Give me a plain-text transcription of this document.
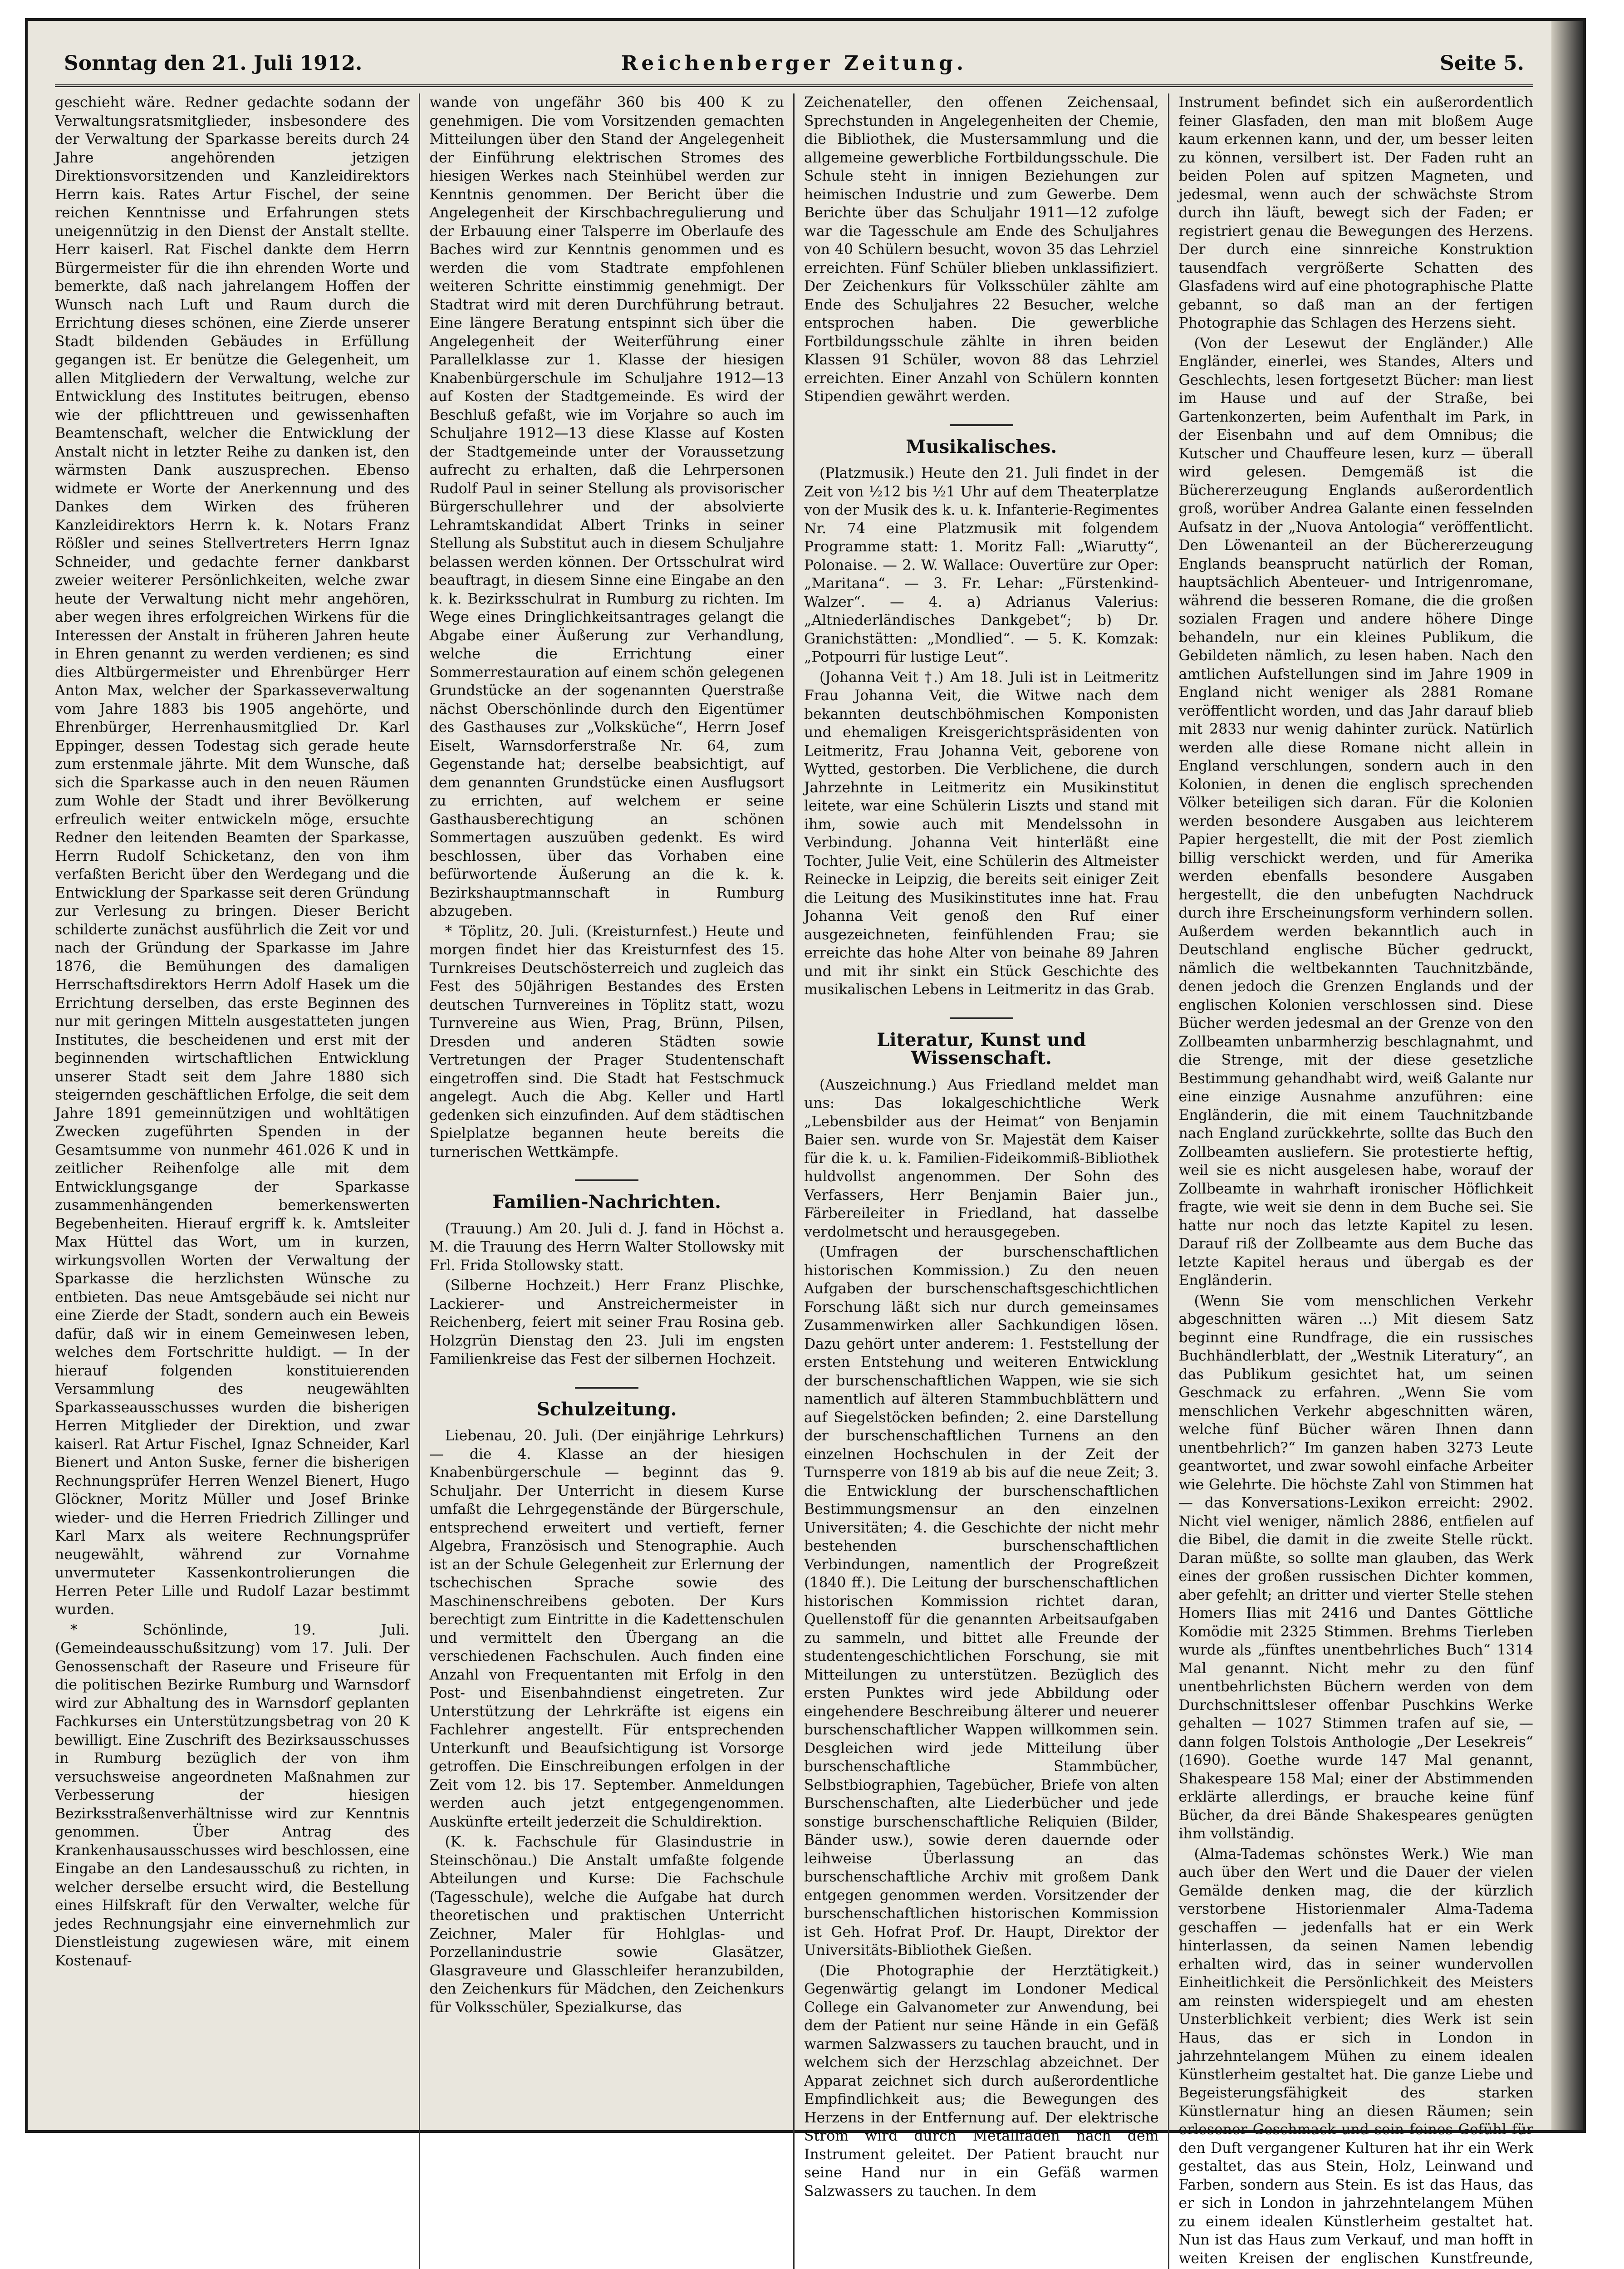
Sonntag den 21. Juli 1912.	Reichenberger Zeitung.	Seite 5.

geschieht wäre. Redner gedachte sodann der Verwaltungsratsmitglieder, insbesondere des der Verwaltung der Sparkasse bereits durch 24 Jahre angehörenden jetzigen Direktionsvorsitzenden und Kanzleidirektors Herrn kais. Rates Artur Fischel, der seine reichen Kenntnisse und Erfahrungen stets uneigennützig in den Dienst der Anstalt stellte. Herr kaiserl. Rat Fischel dankte dem Herrn Bürgermeister für die ihn ehrenden Worte und bemerkte, daß nach jahrelangem Hoffen der Wunsch nach Luft und Raum durch die Errichtung dieses schönen, eine Zierde unserer Stadt bildenden Gebäudes in Erfüllung gegangen ist. Er benütze die Gelegenheit, um allen Mitgliedern der Verwaltung, welche zur Entwicklung des Institutes beitrugen, ebenso wie der pflichttreuen und gewissenhaften Beamtenschaft, welcher die Entwicklung der Anstalt nicht in letzter Reihe zu danken ist, den wärmsten Dank auszusprechen. Ebenso widmete er Worte der Anerkennung und des Dankes dem Wirken des früheren Kanzleidirektors Herrn k. k. Notars Franz Rößler und seines Stellvertreters Herrn Ignaz Schneider, und gedachte ferner dankbarst zweier weiterer Persönlichkeiten, welche zwar heute der Verwaltung nicht mehr angehören, aber wegen ihres erfolgreichen Wirkens für die Interessen der Anstalt in früheren Jahren heute in Ehren genannt zu werden verdienen; es sind dies Altbürgermeister und Ehrenbürger Herr Anton Max, welcher der Sparkasseverwaltung vom Jahre 1883 bis 1905 angehörte, und Ehrenbürger, Herrenhausmitglied Dr. Karl Eppinger, dessen Todestag sich gerade heute zum erstenmale jährte. Mit dem Wunsche, daß sich die Sparkasse auch in den neuen Räumen zum Wohle der Stadt und ihrer Bevölkerung erfreulich weiter entwickeln möge, ersuchte Redner den leitenden Beamten der Sparkasse, Herrn Rudolf Schicketanz, den von ihm verfaßten Bericht über den Werdegang und die Entwicklung der Sparkasse seit deren Gründung zur Verlesung zu bringen. Dieser Bericht schilderte zunächst ausführlich die Zeit vor und nach der Gründung der Sparkasse im Jahre 1876, die Bemühungen des damaligen Herrschaftsdirektors Herrn Adolf Hasek um die Errichtung derselben, das erste Beginnen des nur mit geringen Mitteln ausgestatteten jungen Institutes, die bescheidenen und erst mit der beginnenden wirtschaftlichen Entwicklung unserer Stadt seit dem Jahre 1880 sich steigernden geschäftlichen Erfolge, die seit dem Jahre 1891 gemeinnützigen und wohltätigen Zwecken zugeführten Spenden in der Gesamtsumme von nunmehr 461.026 K und in zeitlicher Reihenfolge alle mit dem Entwicklungsgange der Sparkasse zusammenhängenden bemerkenswerten Begebenheiten. Hierauf ergriff k. k. Amtsleiter Max Hüttel das Wort, um in kurzen, wirkungsvollen Worten der Verwaltung der Sparkasse die herzlichsten Wünsche zu entbieten. Das neue Amtsgebäude sei nicht nur eine Zierde der Stadt, sondern auch ein Beweis dafür, daß wir in einem Gemeinwesen leben, welches dem Fortschritte huldigt. — In der hierauf folgenden konstituierenden Versammlung des neugewählten Sparkasseausschusses wurden die bisherigen Herren Mitglieder der Direktion, und zwar kaiserl. Rat Artur Fischel, Ignaz Schneider, Karl Bienert und Anton Suske, ferner die bisherigen Rechnungsprüfer Herren Wenzel Bienert, Hugo Glöckner, Moritz Müller und Josef Brinke wieder- und die Herren Friedrich Zillinger und Karl Marx als weitere Rechnungsprüfer neugewählt, während zur Vornahme unvermuteter Kassenkontrolierungen die Herren Peter Lille und Rudolf Lazar bestimmt wurden.

* Schönlinde, 19. Juli. (Gemeindeausschußsitzung) vom 17. Juli. Der Genossenschaft der Raseure und Friseure für die politischen Bezirke Rumburg und Warnsdorf wird zur Abhaltung des in Warnsdorf geplanten Fachkurses ein Unterstützungsbetrag von 20 K bewilligt. Eine Zuschrift des Bezirksausschusses in Rumburg bezüglich der von ihm versuchsweise angeordneten Maßnahmen zur Verbesserung der hiesigen Bezirksstraßenverhältnisse wird zur Kenntnis genommen. Über Antrag des Krankenhausausschusses wird beschlossen, eine Eingabe an den Landesausschuß zu richten, in welcher derselbe ersucht wird, die Bestellung eines Hilfskraft für den Verwalter, welche für jedes Rechnungsjahr eine einvernehmlich zur Dienstleistung zugewiesen wäre, mit einem Kostenauf-

wande von ungefähr 360 bis 400 K zu genehmigen. Die vom Vorsitzenden gemachten Mitteilungen über den Stand der Angelegenheit der Einführung elektrischen Stromes des hiesigen Werkes nach Steinhübel werden zur Kenntnis genommen. Der Bericht über die Angelegenheit der Kirschbachregulierung und der Erbauung einer Talsperre im Oberlaufe des Baches wird zur Kenntnis genommen und es werden die vom Stadtrate empfohlenen weiteren Schritte einstimmig genehmigt. Der Stadtrat wird mit deren Durchführung betraut. Eine längere Beratung entspinnt sich über die Angelegenheit der Weiterführung einer Parallelklasse zur 1. Klasse der hiesigen Knabenbürgerschule im Schuljahre 1912—13 auf Kosten der Stadtgemeinde. Es wird der Beschluß gefaßt, wie im Vorjahre so auch im Schuljahre 1912—13 diese Klasse auf Kosten der Stadtgemeinde unter der Voraussetzung aufrecht zu erhalten, daß die Lehrpersonen Rudolf Paul in seiner Stellung als provisorischer Bürgerschullehrer und der absolvierte Lehramtskandidat Albert Trinks in seiner Stellung als Substitut auch in diesem Schuljahre belassen werden können. Der Ortsschulrat wird beauftragt, in diesem Sinne eine Eingabe an den k. k. Bezirksschulrat in Rumburg zu richten. Im Wege eines Dringlichkeitsantrages gelangt die Abgabe einer Äußerung zur Verhandlung, welche die Errichtung einer Sommerrestauration auf einem schön gelegenen Grundstücke an der sogenannten Querstraße nächst Oberschönlinde durch den Eigentümer des Gasthauses zur „Volksküche“, Herrn Josef Eiselt, Warnsdorferstraße Nr. 64, zum Gegenstande hat; derselbe beabsichtigt, auf dem genannten Grundstücke einen Ausflugsort zu errichten, auf welchem er seine Gasthausberechtigung an schönen Sommertagen auszuüben gedenkt. Es wird beschlossen, über das Vorhaben eine befürwortende Äußerung an die k. k. Bezirkshauptmannschaft in Rumburg abzugeben.

* Töplitz, 20. Juli. (Kreisturnfest.) Heute und morgen findet hier das Kreisturnfest des 15. Turnkreises Deutschösterreich und zugleich das Fest des 50jährigen Bestandes des Ersten deutschen Turnvereines in Töplitz statt, wozu Turnvereine aus Wien, Prag, Brünn, Pilsen, Dresden und anderen Städten sowie Vertretungen der Prager Studentenschaft eingetroffen sind. Die Stadt hat Festschmuck angelegt. Auch die Abg. Keller und Hartl gedenken sich einzufinden. Auf dem städtischen Spielplatze begannen heute bereits die turnerischen Wettkämpfe.

Familien-Nachrichten.

(Trauung.) Am 20. Juli d. J. fand in Höchst a. M. die Trauung des Herrn Walter Stollowsky mit Frl. Frida Stollowsky statt.

(Silberne Hochzeit.) Herr Franz Plischke, Lackierer- und Anstreichermeister in Reichenberg, feiert mit seiner Frau Rosina geb. Holzgrün Dienstag den 23. Juli im engsten Familienkreise das Fest der silbernen Hochzeit.

Schulzeitung.

Liebenau, 20. Juli. (Der einjährige Lehrkurs) — die 4. Klasse an der hiesigen Knabenbürgerschule — beginnt das 9. Schuljahr. Der Unterricht in diesem Kurse umfaßt die Lehrgegenstände der Bürgerschule, entsprechend erweitert und vertieft, ferner Algebra, Französisch und Stenographie. Auch ist an der Schule Gelegenheit zur Erlernung der tschechischen Sprache sowie des Maschinenschreibens geboten. Der Kurs berechtigt zum Eintritte in die Kadettenschulen und vermittelt den Übergang an die verschiedenen Fachschulen. Auch finden eine Anzahl von Frequentanten mit Erfolg in den Post- und Eisenbahndienst eingetreten. Zur Unterstützung der Lehrkräfte ist eigens ein Fachlehrer angestellt. Für entsprechenden Unterkunft und Beaufsichtigung ist Vorsorge getroffen. Die Einschreibungen erfolgen in der Zeit vom 12. bis 17. September. Anmeldungen werden auch jetzt entgegengenommen. Auskünfte erteilt jederzeit die Schuldirektion.

(K. k. Fachschule für Glasindustrie in Steinschönau.) Die Anstalt umfaßte folgende Abteilungen und Kurse: Die Fachschule (Tagesschule), welche die Aufgabe hat durch theoretischen und praktischen Unterricht Zeichner, Maler für Hohlglas- und Porzellanindustrie sowie Glasätzer, Glasgraveure und Glasschleifer heranzubilden, den Zeichenkurs für Mädchen, den Zeichenkurs für Volksschüler, Spezialkurse, das

Zeichenateller, den offenen Zeichensaal, Sprechstunden in Angelegenheiten der Chemie, die Bibliothek, die Mustersammlung und die allgemeine gewerbliche Fortbildungsschule. Die Schule steht in innigen Beziehungen zur heimischen Industrie und zum Gewerbe. Dem Berichte über das Schuljahr 1911—12 zufolge war die Tagesschule am Ende des Schuljahres von 40 Schülern besucht, wovon 35 das Lehrziel erreichten. Fünf Schüler blieben unklassifiziert. Der Zeichenkurs für Volksschüler zählte am Ende des Schuljahres 22 Besucher, welche entsprochen haben. Die gewerbliche Fortbildungsschule zählte in ihren beiden Klassen 91 Schüler, wovon 88 das Lehrziel erreichten. Einer Anzahl von Schülern konnten Stipendien gewährt werden.

Musikalisches.

(Platzmusik.) Heute den 21. Juli findet in der Zeit von ½12 bis ½1 Uhr auf dem Theaterplatze von der Musik des k. u. k. Infanterie-Regimentes Nr. 74 eine Platzmusik mit folgendem Programme statt: 1. Moritz Fall: „Wiarutty“, Polonaise. — 2. W. Wallace: Ouvertüre zur Oper: „Maritana“. — 3. Fr. Lehar: „Fürstenkind-Walzer“. — 4. a) Adrianus Valerius: „Altniederländisches Dankgebet“; b) Dr. Granichstätten: „Mondlied“. — 5. K. Komzak: „Potpourri für lustige Leut“.

(Johanna Veit †.) Am 18. Juli ist in Leitmeritz Frau Johanna Veit, die Witwe nach dem bekannten deutschböhmischen Komponisten und ehemaligen Kreisgerichtspräsidenten von Leitmeritz, Frau Johanna Veit, geborene von Wytted, gestorben. Die Verblichene, die durch Jahrzehnte in Leitmeritz ein Musikinstitut leitete, war eine Schülerin Liszts und stand mit ihm, sowie auch mit Mendelssohn in Verbindung. Johanna Veit hinterläßt eine Tochter, Julie Veit, eine Schülerin des Altmeister Reinecke in Leipzig, die bereits seit einiger Zeit die Leitung des Musikinstitutes inne hat. Frau Johanna Veit genoß den Ruf einer ausgezeichneten, feinfühlenden Frau; sie erreichte das hohe Alter von beinahe 89 Jahren und mit ihr sinkt ein Stück Geschichte des musikalischen Lebens in Leitmeritz in das Grab.

Literatur, Kunst und Wissenschaft.

(Auszeichnung.) Aus Friedland meldet man uns: Das lokalgeschichtliche Werk „Lebensbilder aus der Heimat“ von Benjamin Baier sen. wurde von Sr. Majestät dem Kaiser für die k. u. k. Familien-Fideikommiß-Bibliothek huldvollst angenommen. Der Sohn des Verfassers, Herr Benjamin Baier jun., Färbereileiter in Friedland, hat dasselbe verdolmetscht und herausgegeben.

(Umfragen der burschenschaftlichen historischen Kommission.) Zu den neuen Aufgaben der burschenschaftsgeschichtlichen Forschung läßt sich nur durch gemeinsames Zusammenwirken aller Sachkundigen lösen. Dazu gehört unter anderem: 1. Feststellung der ersten Entstehung und weiteren Entwicklung der burschenschaftlichen Wappen, wie sie sich namentlich auf älteren Stammbuchblättern und auf Siegelstöcken befinden; 2. eine Darstellung der burschenschaftlichen Turnens an den einzelnen Hochschulen in der Zeit der Turnsperre von 1819 ab bis auf die neue Zeit; 3. die Entwicklung der burschenschaftlichen Bestimmungsmensur an den einzelnen Universitäten; 4. die Geschichte der nicht mehr bestehenden burschenschaftlichen Verbindungen, namentlich der Progreßzeit (1840 ff.). Die Leitung der burschenschaftlichen historischen Kommission richtet daran, Quellenstoff für die genannten Arbeitsaufgaben zu sammeln, und bittet alle Freunde der studentengeschichtlichen Forschung, sie mit Mitteilungen zu unterstützen. Bezüglich des ersten Punktes wird jede Abbildung oder eingehendere Beschreibung älterer und neuerer burschenschaftlicher Wappen willkommen sein. Desgleichen wird jede Mitteilung über burschenschaftliche Stammbücher, Selbstbiographien, Tagebücher, Briefe von alten Burschenschaften, alte Liederbücher und jede sonstige burschenschaftliche Reliquien (Bilder, Bänder usw.), sowie deren dauernde oder leihweise Überlassung an das burschenschaftliche Archiv mit großem Dank entgegen genommen werden. Vorsitzender der burschenschaftlichen historischen Kommission ist Geh. Hofrat Prof. Dr. Haupt, Direktor der Universitäts-Bibliothek Gießen.

(Die Photographie der Herztätigkeit.) Gegenwärtig gelangt im Londoner Medical College ein Galvanometer zur Anwendung, bei dem der Patient nur seine Hände in ein Gefäß warmen Salzwassers zu tauchen braucht, und in welchem sich der Herzschlag abzeichnet. Der Apparat zeichnet sich durch außerordentliche Empfindlichkeit aus; die Bewegungen des Herzens in der Entfernung auf. Der elektrische Strom wird durch Metallfäden nach dem Instrument geleitet. Der Patient braucht nur seine Hand nur in ein Gefäß warmen Salzwassers zu tauchen. In dem

Instrument befindet sich ein außerordentlich feiner Glasfaden, den man mit bloßem Auge kaum erkennen kann, und der, um besser leiten zu können, versilbert ist. Der Faden ruht an beiden Polen auf spitzen Magneten, und jedesmal, wenn auch der schwächste Strom durch ihn läuft, bewegt sich der Faden; er registriert genau die Bewegungen des Herzens. Der durch eine sinnreiche Konstruktion tausendfach vergrößerte Schatten des Glasfadens wird auf eine photographische Platte gebannt, so daß man an der fertigen Photographie das Schlagen des Herzens sieht.

(Von der Lesewut der Engländer.) Alle Engländer, einerlei, wes Standes, Alters und Geschlechts, lesen fortgesetzt Bücher: man liest im Hause und auf der Straße, bei Gartenkonzerten, beim Aufenthalt im Park, in der Eisenbahn und auf dem Omnibus; die Kutscher und Chauffeure lesen, kurz — überall wird gelesen. Demgemäß ist die Büchererzeugung Englands außerordentlich groß, worüber Andrea Galante einen fesselnden Aufsatz in der „Nuova Antologia“ veröffentlicht. Den Löwenanteil an der Büchererzeugung Englands beansprucht natürlich der Roman, hauptsächlich Abenteuer- und Intrigenromane, während die besseren Romane, die die großen sozialen Fragen und andere höhere Dinge behandeln, nur ein kleines Publikum, die Gebildeten nämlich, zu lesen haben. Nach den amtlichen Aufstellungen sind im Jahre 1909 in England nicht weniger als 2881 Romane veröffentlicht worden, und das Jahr darauf blieb mit 2833 nur wenig dahinter zurück. Natürlich werden alle diese Romane nicht allein in England verschlungen, sondern auch in den Kolonien, in denen die englisch sprechenden Völker beteiligen sich daran. Für die Kolonien werden besondere Ausgaben aus leichterem Papier hergestellt, die mit der Post ziemlich billig verschickt werden, und für Amerika werden ebenfalls besondere Ausgaben hergestellt, die den unbefugten Nachdruck durch ihre Erscheinungsform verhindern sollen. Außerdem werden bekanntlich auch in Deutschland englische Bücher gedruckt, nämlich die weltbekannten Tauchnitzbände, denen jedoch die Grenzen Englands und der englischen Kolonien verschlossen sind. Diese Bücher werden jedesmal an der Grenze von den Zollbeamten unbarmherzig beschlagnahmt, und die Strenge, mit der diese gesetzliche Bestimmung gehandhabt wird, weiß Galante nur eine einzige Ausnahme anzuführen: eine Engländerin, die mit einem Tauchnitzbande nach England zurückkehrte, sollte das Buch den Zollbeamten ausliefern. Sie protestierte heftig, weil sie es nicht ausgelesen habe, worauf der Zollbeamte in wahrhaft ironischer Höflichkeit fragte, wie weit sie denn in dem Buche sei. Sie hatte nur noch das letzte Kapitel zu lesen. Darauf riß der Zollbeamte aus dem Buche das letzte Kapitel heraus und übergab es der Engländerin.

(Wenn Sie vom menschlichen Verkehr abgeschnitten wären ...) Mit diesem Satz beginnt eine Rundfrage, die ein russisches Buchhändlerblatt, der „Westnik Literatury“, an das Publikum gesichtet hat, um seinen Geschmack zu erfahren. „Wenn Sie vom menschlichen Verkehr abgeschnitten wären, welche fünf Bücher wären Ihnen dann unentbehrlich?“ Im ganzen haben 3273 Leute geantwortet, und zwar sowohl einfache Arbeiter wie Gelehrte. Die höchste Zahl von Stimmen hat — das Konversations-Lexikon erreicht: 2902. Nicht viel weniger, nämlich 2886, entfielen auf die Bibel, die damit in die zweite Stelle rückt. Daran müßte, so sollte man glauben, das Werk eines der großen russischen Dichter kommen, aber gefehlt; an dritter und vierter Stelle stehen Homers Ilias mit 2416 und Dantes Göttliche Komödie mit 2325 Stimmen. Brehms Tierleben wurde als „fünftes unentbehrliches Buch“ 1314 Mal genannt. Nicht mehr zu den fünf unentbehrlichsten Büchern werden von dem Durchschnittsleser offenbar Puschkins Werke gehalten — 1027 Stimmen trafen auf sie, — dann folgen Tolstois Anthologie „Der Lesekreis“ (1690). Goethe wurde 147 Mal genannt, Shakespeare 158 Mal; einer der Abstimmenden erklärte allerdings, er brauche keine fünf Bücher, da drei Bände Shakespeares genügten ihm vollständig.

(Alma-Tademas schönstes Werk.) Wie man auch über den Wert und die Dauer der vielen Gemälde denken mag, die der kürzlich verstorbene Historienmaler Alma-Tadema geschaffen — jedenfalls hat er ein Werk hinterlassen, da seinen Namen lebendig erhalten wird, das in seiner wundervollen Einheitlichkeit die Persönlichkeit des Meisters am reinsten widerspiegelt und am ehesten Unsterblichkeit verbient; dies Werk ist sein Haus, das er sich in London in jahrzehntelangem Mühen zu einem idealen Künstlerheim gestaltet hat. Die ganze Liebe und Begeisterungsfähigkeit des starken Künstlernatur hing an diesen Räumen; sein erlesener Geschmack und sein feines Gefühl für den Duft vergangener Kulturen hat ihr ein Werk gestaltet, das aus Stein, Holz, Leinwand und Farben, sondern aus Stein. Es ist das Haus, das er sich in London in jahrzehntelangem Mühen zu einem idealen Künstlerheim gestaltet hat. Nun ist das Haus zum Verkauf, und man hofft in weiten Kreisen der englischen Kunstfreunde,
